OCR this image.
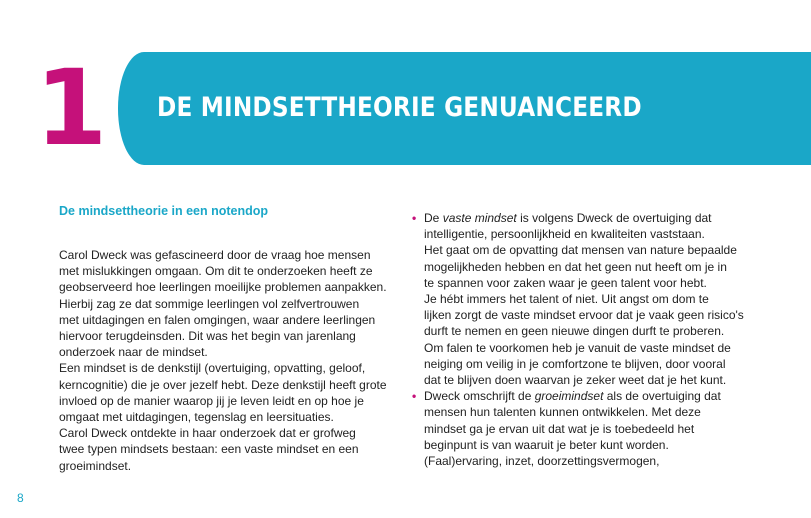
1 DE MINDSETTHEORIE GENUANCEERD
De mindsettheorie in een notendop

Carol Dweck was gefascineerd door de vraag hoe mensen

met mislukkingen omgaan. Om dit te onderzoeken heeft ze

geobserveerd hoe leerlingen moeilijke problemen aanpakken.

Hierbij zag ze dat sommige leerlingen vol zelfvertrouwen

met uitdagingen en falen omgingen, waar andere leerlingen

hiervoor terugdeinsden. Dit was het begin van jarenlang

onderzoek naar de mindset.

Een mindset is de denkstijl (overtuiging, opvatting, geloof,

kerncognitie) die je over jezelf hebt. Deze denkstijl heeft grote

invloed op de manier waarop jij je leven leidt en op hoe je

omgaat met uitdagingen, tegenslag en leersituaties.

Carol Dweck ontdekte in haar onderzoek dat er grofweg

twee typen mindsets bestaan: een vaste mindset en een

groeimindset.

• De vaste mindset is volgens Dweck de overtuiging dat

intelligentie, persoonlijkheid en kwaliteiten vaststaan.

Het gaat om de opvatting dat mensen van nature bepaalde

mogelijkheden hebben en dat het geen nut heeft om je in

te spannen voor zaken waar je geen talent voor hebt.

Je hébt immers het talent of niet. Uit angst om dom te

lijken zorgt de vaste mindset ervoor dat je vaak geen risico's

durft te nemen en geen nieuwe dingen durft te proberen.

Om falen te voorkomen heb je vanuit de vaste mindset de

neiging om veilig in je comfortzone te blijven, door vooral

dat te blijven doen waarvan je zeker weet dat je het kunt.

• Dweck omschrijft de groeimindset als de overtuiging dat

mensen hun talenten kunnen ontwikkelen. Met deze

mindset ga je ervan uit dat wat je is toebedeeld het

beginpunt is van waaruit je beter kunt worden.

(Faal)ervaring, inzet, doorzettingsvermogen,

8
